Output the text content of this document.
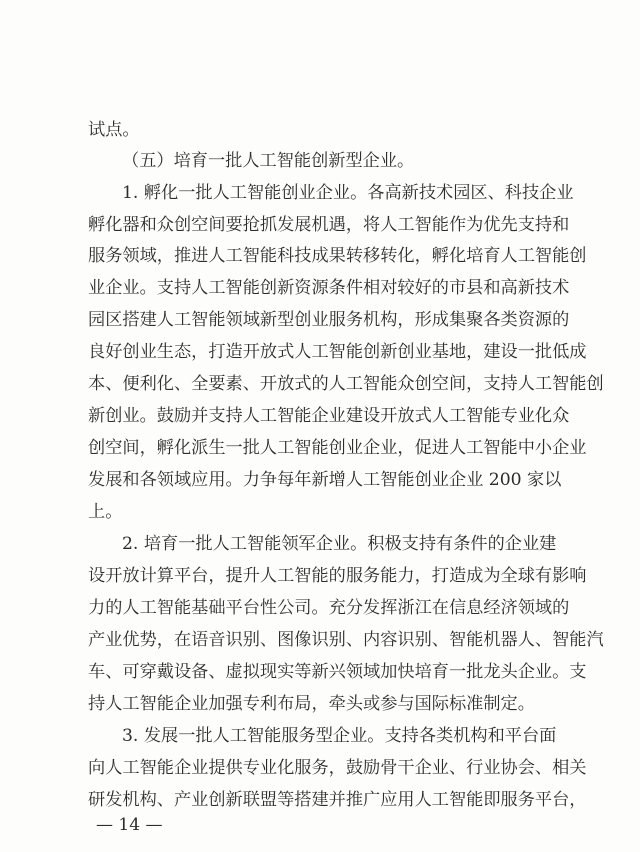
试点。
（五）培育一批人工智能创新型企业。
1. 孵化一批人工智能创业企业。各高新技术园区、科技企业
孵化器和众创空间要抢抓发展机遇，将人工智能作为优先支持和
服务领域，推进人工智能科技成果转移转化，孵化培育人工智能创
业企业。支持人工智能创新资源条件相对较好的市县和高新技术
园区搭建人工智能领域新型创业服务机构，形成集聚各类资源的
良好创业生态，打造开放式人工智能创新创业基地，建设一批低成
本、便利化、全要素、开放式的人工智能众创空间，支持人工智能创
新创业。鼓励并支持人工智能企业建设开放式人工智能专业化众
创空间，孵化派生一批人工智能创业企业，促进人工智能中小企业
发展和各领域应用。力争每年新增人工智能创业企业 200 家以
上。
2. 培育一批人工智能领军企业。积极支持有条件的企业建
设开放计算平台，提升人工智能的服务能力，打造成为全球有影响
力的人工智能基础平台性公司。充分发挥浙江在信息经济领域的
产业优势，在语音识别、图像识别、内容识别、智能机器人、智能汽
车、可穿戴设备、虚拟现实等新兴领域加快培育一批龙头企业。支
持人工智能企业加强专利布局，牵头或参与国际标准制定。
3. 发展一批人工智能服务型企业。支持各类机构和平台面
向人工智能企业提供专业化服务，鼓励骨干企业、行业协会、相关
研发机构、产业创新联盟等搭建并推广应用人工智能即服务平台，
— 14 —
